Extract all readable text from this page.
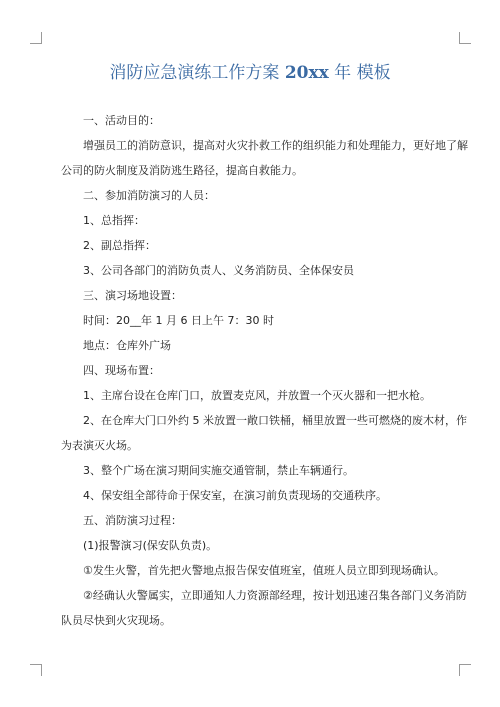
消防应急演练工作方案 20xx 年 模板

一、活动目的：

增强员工的消防意识，提高对火灾扑救工作的组织能力和处理能力，更好地了解

公司的防火制度及消防逃生路径，提高自救能力。

二、参加消防演习的人员：

1、总指挥：

2、副总指挥：

3、公司各部门的消防负责人、义务消防员、全体保安员

三、演习场地设置：

时间：20__年 1 月 6 日上午 7：30 时

地点：仓库外广场

四、现场布置：

1、主席台设在仓库门口，放置麦克风，并放置一个灭火器和一把水枪。

2、在仓库大门口外约 5 米放置一敞口铁桶，桶里放置一些可燃烧的废木材，作

为表演灭火场。

3、整个广场在演习期间实施交通管制，禁止车辆通行。

4、保安组全部待命于保安室，在演习前负责现场的交通秩序。

五、消防演习过程：

(1)报警演习(保安队负责)。

①发生火警，首先把火警地点报告保安值班室，值班人员立即到现场确认。

②经确认火警属实，立即通知人力资源部经理，按计划迅速召集各部门义务消防

队员尽快到火灾现场。
